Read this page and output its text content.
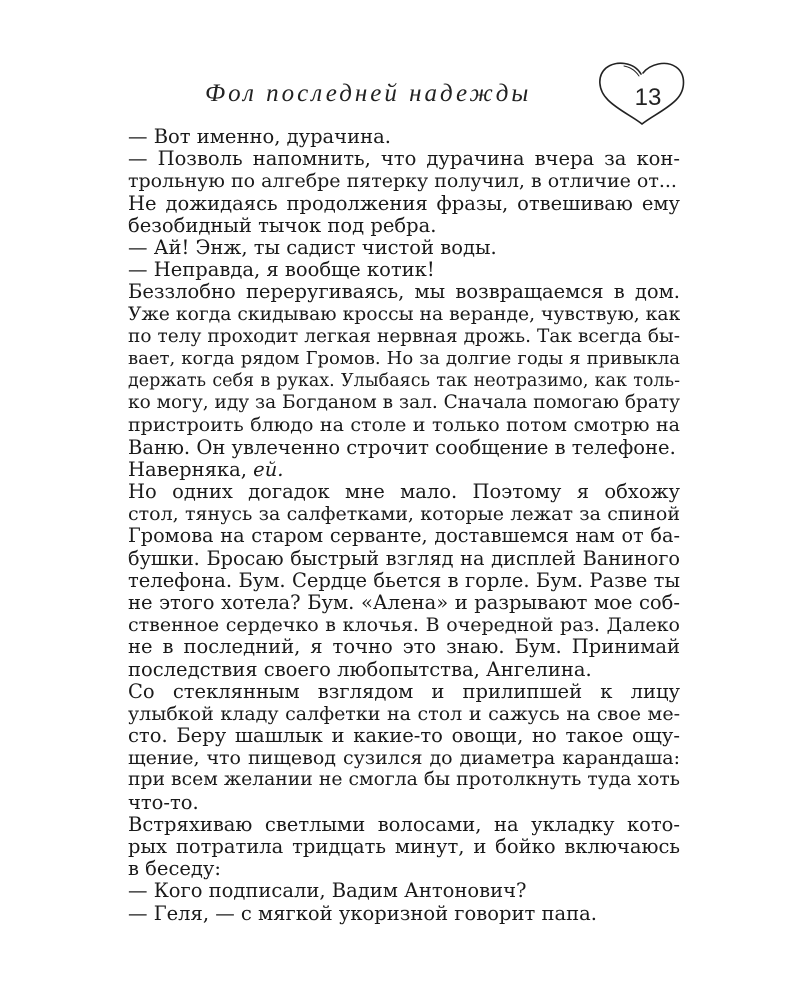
Фол последней надежды	13
— Вот именно, дурачина.
— Позволь напомнить, что дурачина вчера за кон-
трольную по алгебре пятерку получил, в отличие от...
Не дожидаясь продолжения фразы, отвешиваю ему
безобидный тычок под ребра.
— Ай! Энж, ты садист чистой воды.
— Неправда, я вообще котик!
Беззлобно переругиваясь, мы возвращаемся в дом.
Уже когда скидываю кроссы на веранде, чувствую, как
по телу проходит легкая нервная дрожь. Так всегда бы-
вает, когда рядом Громов. Но за долгие годы я привыкла
держать себя в руках. Улыбаясь так неотразимо, как толь-
ко могу, иду за Богданом в зал. Сначала помогаю брату
пристроить блюдо на столе и только потом смотрю на
Ваню. Он увлеченно строчит сообщение в телефоне.
Наверняка, ей.
Но одних догадок мне мало. Поэтому я обхожу
стол, тянусь за салфетками, которые лежат за спиной
Громова на старом серванте, доставшемся нам от ба-
бушки. Бросаю быстрый взгляд на дисплей Ваниного
телефона. Бум. Сердце бьется в горле. Бум. Разве ты
не этого хотела? Бум. «Алена» и разрывают мое соб-
ственное сердечко в клочья. В очередной раз. Далеко
не в последний, я точно это знаю. Бум. Принимай
последствия своего любопытства, Ангелина.
Со стеклянным взглядом и прилипшей к лицу
улыбкой кладу салфетки на стол и сажусь на свое ме-
сто. Беру шашлык и какие-то овощи, но такое ощу-
щение, что пищевод сузился до диаметра карандаша:
при всем желании не смогла бы протолкнуть туда хоть
что-то.
Встряхиваю светлыми волосами, на укладку кото-
рых потратила тридцать минут, и бойко включаюсь
в беседу:
— Кого подписали, Вадим Антонович?
— Геля, — с мягкой укоризной говорит папа.
